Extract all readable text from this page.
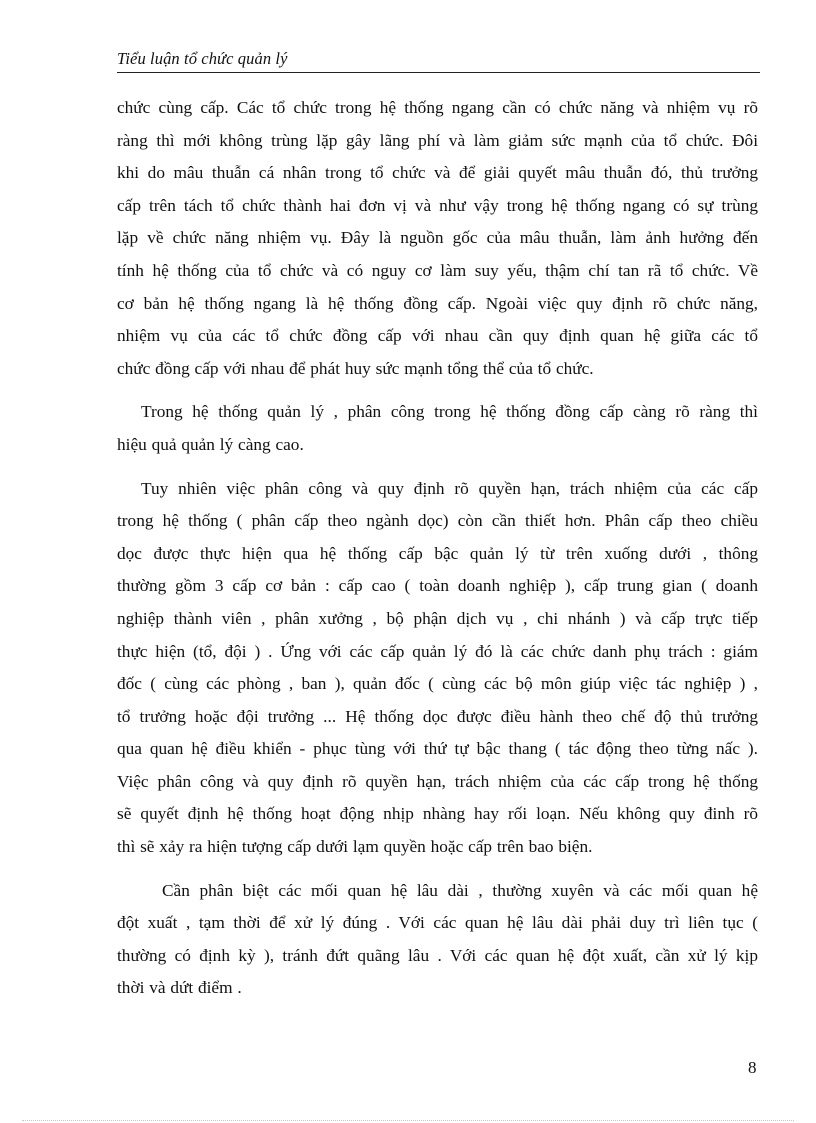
Tiểu luận tổ chức quản lý

chức cùng cấp. Các tổ chức trong hệ thống ngang cần có chức năng và nhiệm vụ rõ
ràng thì mới không trùng lặp gây lãng phí và làm giảm sức mạnh của tổ chức. Đôi
khi do mâu thuẫn cá nhân trong tổ chức và để giải quyết mâu thuẫn đó, thủ trưởng
cấp trên tách tổ chức thành hai đơn vị và như vậy trong hệ thống ngang có sự trùng
lặp về chức năng nhiệm vụ. Đây là nguồn gốc của mâu thuẫn, làm ảnh hưởng đến
tính hệ thống của tổ chức và có nguy cơ làm suy yếu, thậm chí tan rã tổ chức. Về
cơ bản hệ thống ngang là hệ thống đồng cấp. Ngoài việc quy định rõ chức năng,
nhiệm vụ của các tổ chức đồng cấp với nhau cần quy định quan hệ giữa các tổ
chức đồng cấp với nhau để phát huy sức mạnh tổng thể của tổ chức.

Trong hệ thống quản lý , phân công trong hệ thống đồng cấp càng rõ ràng thì
hiệu quả quản lý càng cao.

Tuy nhiên việc phân công và quy định rõ quyền hạn, trách nhiệm của các cấp
trong hệ thống ( phân cấp theo ngành dọc) còn cần thiết hơn. Phân cấp theo chiều
dọc được thực hiện qua hệ thống cấp bậc quản lý từ trên xuống dưới , thông
thường gồm 3 cấp cơ bản : cấp cao ( toàn doanh nghiệp ), cấp trung gian ( doanh
nghiệp thành viên , phân xưởng , bộ phận dịch vụ , chi nhánh ) và cấp trực tiếp
thực hiện (tổ, đội ) . Ứng với các cấp quản lý đó là các chức danh phụ trách : giám
đốc ( cùng các phòng , ban ), quản đốc ( cùng các bộ môn giúp việc tác nghiệp ) ,
tổ trưởng hoặc đội trưởng ... Hệ thống dọc được điều hành theo chế độ thủ trưởng
qua quan hệ điều khiển - phục tùng với thứ tự bậc thang ( tác động theo từng nấc ).
Việc phân công và quy định rõ quyền hạn, trách nhiệm của các cấp trong hệ thống
sẽ quyết định hệ thống hoạt động nhịp nhàng hay rối loạn. Nếu không quy đinh rõ
thì sẽ xảy ra hiện tượng cấp dưới lạm quyền hoặc cấp trên bao biện.

Cần phân biệt các mối quan hệ lâu dài , thường xuyên và các mối quan hệ
đột xuất , tạm thời để xử lý đúng . Với các quan hệ lâu dài phải duy trì liên tục (
thường có định kỳ ), tránh đứt quãng lâu . Với các quan hệ đột xuất, cần xử lý kịp
thời và dứt điểm .

8
